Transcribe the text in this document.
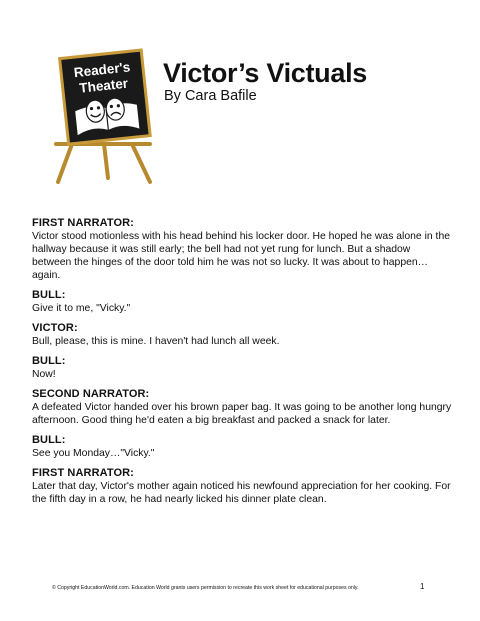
Reader's
Theater Victor’s Victuals

By Cara Bafile

FIRST NARRATOR:
Victor stood motionless with his head behind his locker door. He hoped he was alone in the hallway because it was still early; the bell had not yet rung for lunch. But a shadow between the hinges of the door told him he was not so lucky. It was about to happen…again.
BULL:
Give it to me, "Vicky."
VICTOR:
Bull, please, this is mine. I haven't had lunch all week.
BULL:
Now!
SECOND NARRATOR:
A defeated Victor handed over his brown paper bag. It was going to be another long hungry afternoon. Good thing he'd eaten a big breakfast and packed a snack for later.
BULL:
See you Monday…"Vicky."
FIRST NARRATOR:
Later that day, Victor's mother again noticed his newfound appreciation for her cooking. For the fifth day in a row, he had nearly licked his dinner plate clean.
© Copyright EducationWorld.com. Education World grants users permission to recreate this work sheet for educational purposes only.	1
